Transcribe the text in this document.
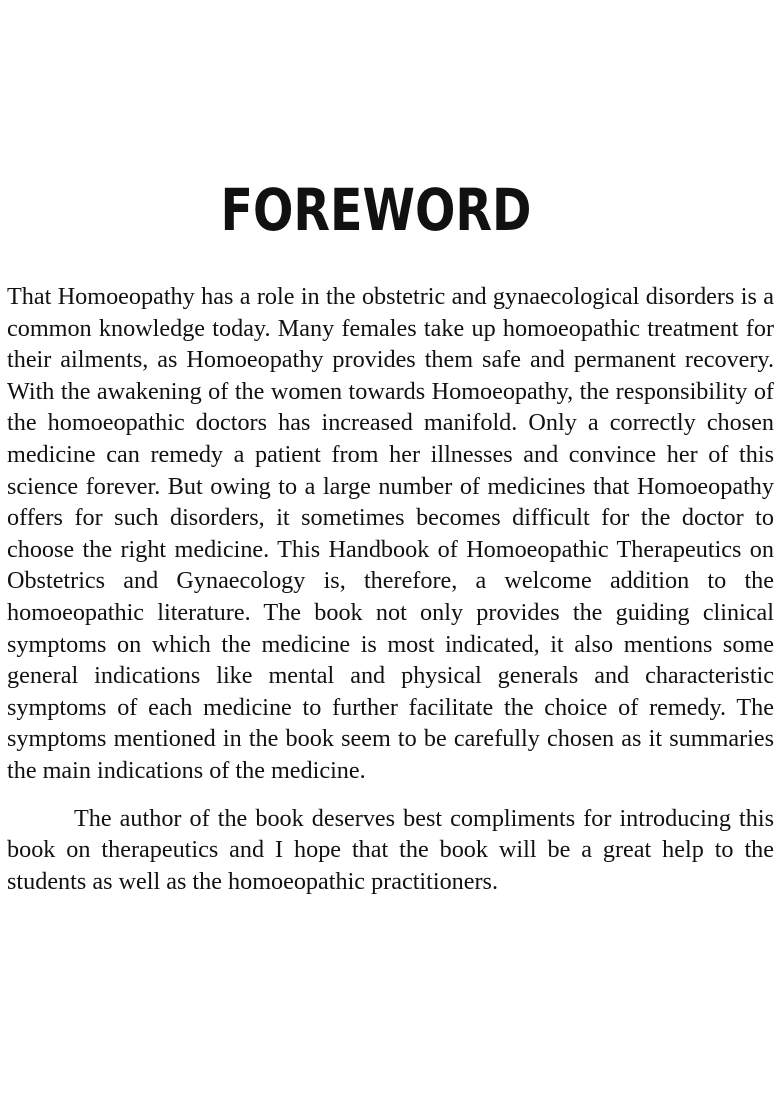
FOREWORD

That Homoeopathy has a role in the obstetric and gynaecological disorders is a common knowledge today. Many females take up homoeopathic treatment for their ailments, as Homoeopathy provides them safe and permanent recovery. With the awakening of the women towards Homoeopathy, the responsibility of the homoeopathic doctors has increased manifold. Only a correctly chosen medicine can remedy a patient from her illnesses and convince her of this science forever. But owing to a large number of medicines that Homoeopathy offers for such disorders, it sometimes becomes difficult for the doctor to choose the right medicine. This Handbook of Homoeopathic Therapeutics on Obstetrics and Gynaecology is, therefore, a welcome addition to the homoeopathic literature. The book not only provides the guiding clinical symptoms on which the medicine is most indicated, it also mentions some general indications like mental and physical generals and characteristic symptoms of each medicine to further facilitate the choice of remedy. The symptoms mentioned in the book seem to be carefully chosen as it summaries the main indications of the medicine.

The author of the book deserves best compliments for introducing this book on therapeutics and I hope that the book will be a great help to the students as well as the homoeopathic practitioners.
